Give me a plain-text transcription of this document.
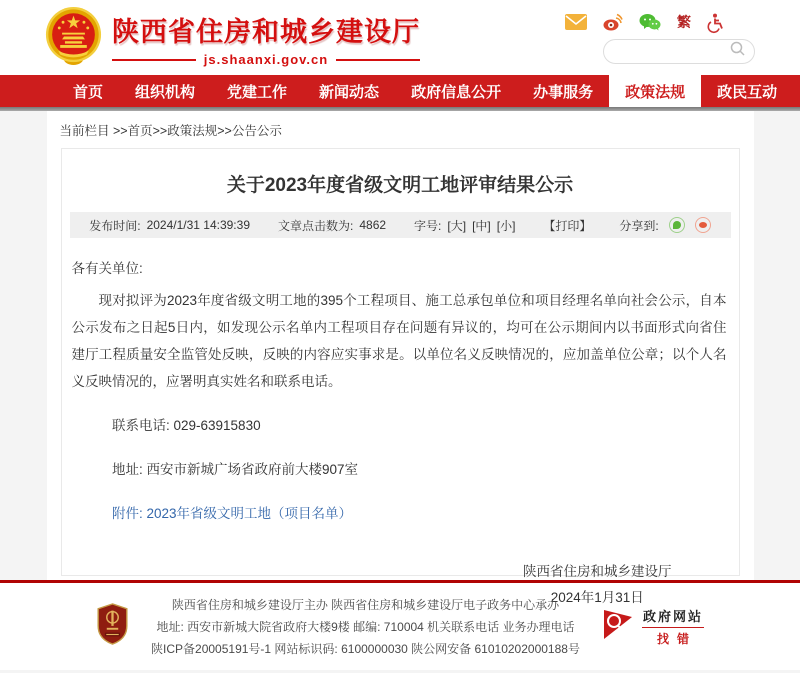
陕西省住房和城乡建设厅
js.shaanxi.gov.cn
繁
首页	组织机构	党建工作	新闻动态	政府信息公开	办事服务	政策法规	政民互动
当前栏目 >>首页>>政策法规>>公告公示
关于2023年度省级文明工地评审结果公示
发布时间: 2024/1/31 14:39:39 文章点击数为: 4862 字号: [大] [中] [小] 【打印】 分享到:

各有关单位:

现对拟评为2023年度省级文明工地的395个工程项目、施工总承包单位和项目经理名单向社会公示，自本公示发布之日起5日内，如发现公示名单内工程项目存在问题有异议的，均可在公示期间内以书面形式向省住建厅工程质量安全监管处反映，反映的内容应实事求是。以单位名义反映情况的，应加盖单位公章；以个人名义反映情况的，应署明真实姓名和联系电话。

联系电话: 029-63915830

地址: 西安市新城广场省政府前大楼907室

附件: 2023年省级文明工地（项目名单）

陕西省住房和城乡建设厅
2024年1月31日
陕西省住房和城乡建设厅主办 陕西省住房和城乡建设厅电子政务中心承办
地址: 西安市新城大院省政府大楼9楼 邮编: 710004 机关联系电话 业务办理电话
陕ICP备20005191号-1 网站标识码: 6100000030 陕公网安备 61010202000188号
政府网站
找错
